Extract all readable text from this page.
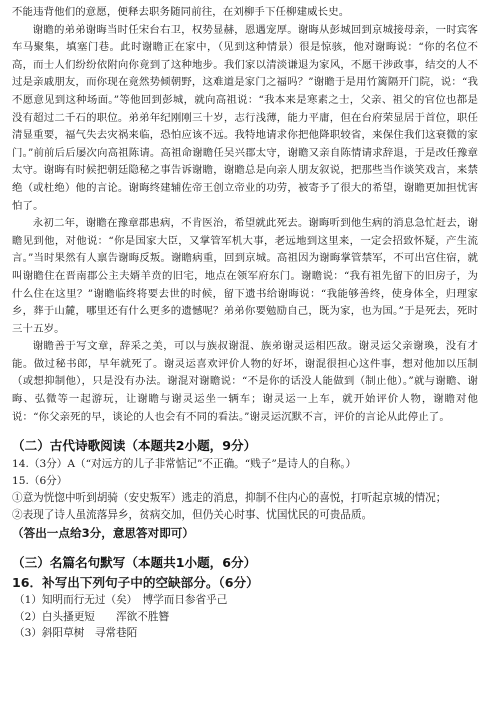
不能违背他们的意愿，便释去职务随同前往，在刘柳手下任柳建威长史。

谢瞻的弟弟谢晦当时任宋台右卫，权势显赫，恩遇宠厚。谢晦从彭城回到京城接母亲，一时宾客车马聚集，填塞门巷。此时谢瞻正在家中，（见到这种情景）很是惊骇，他对谢晦说：“你的名位不高，而士人们纷纷依附向你竟到了这种地步。我们家以清淡谦退为家风，不愿干涉政事，结交的人不过是亲戚朋友，而你现在竟然势倾朝野，这难道是家门之福吗？”谢瞻于是用竹篱隔开门院，说：“我不愿意见到这种场面。”等他回到彭城，就向高祖说：“我本来是寒素之士，父亲、祖父的官位也都是没有超过二千石的职位。弟弟年纪刚刚三十岁，志行浅薄，能力平庸，但在台府荣显居于首位，职任清显重要，福气失去灾祸来临，恐怕应该不远。我特地请求你把他降职较省，来保住我们这衰微的家门。”前前后后屡次向高祖陈请。高祖命谢瞻任吴兴郡太守，谢瞻又亲自陈情请求辞退，于是改任豫章太守。谢晦有时候把朝廷隐秘之事告诉谢瞻，谢瞻总是向亲人朋友叙说，把那些当作谈笑戏言，来禁绝（或杜绝）他的言论。谢晦终建辅佐帝王创立帝业的功劳，被寄予了很大的希望，谢瞻更加担忧害怕了。

永初二年，谢瞻在豫章郡患病，不肯医治，希望就此死去。谢晦听到他生病的消息急忙赶去，谢瞻见到他，对他说：“你是国家大臣，又掌管军机大事，老远地到这里来，一定会招致怀疑，产生流言。”当时果然有人禀告谢晦反叛。谢瞻病重，回到京城。高祖因为谢晦掌管禁军，不可出宫住宿，就叫谢瞻住在晋南郡公主夫婿羊贲的旧宅，地点在领军府东门。谢瞻说：“我有祖先留下的旧房子，为什么住在这里？”谢瞻临终将要去世的时候，留下遗书给谢晦说：“我能够善终，使身体全，归理家乡，葬于山麓，哪里还有什么更多的遗憾呢？弟弟你要勉励自己，既为家，也为国。”于是死去，死时三十五岁。

谢瞻善于写文章，辞采之美，可以与族叔谢混、族弟谢灵运相匹敌。谢灵运父亲谢瑍，没有才能。做过秘书郎，早年就死了。谢灵运喜欢评价人物的好坏，谢混很担心这件事，想对他加以压制（或想抑制他），只是没有办法。谢混对谢瞻说：“不是你的话没人能做到（制止他）。”就与谢瞻、谢晦、弘微等一起游玩，让谢瞻与谢灵运坐一辆车；谢灵运一上车，就开始评价人物，谢瞻对他说：“你父亲死的早，谈论的人也会有不同的看法。”谢灵运沉默不言，评价的言论从此停止了。

（二）古代诗歌阅读（本题共2小题，9分）

14.（3分）A（“对远方的儿子非常惦记”不正确。“贱子”是诗人的自称。）

15.（6分）

①意为恍惚中听到胡骑（安史叛军）逃走的消息，抑制不住内心的喜悦，打听起京城的情况；

②表现了诗人虽流落异乡，贫病交加，但仍关心时事、忧国忧民的可贵品质。

（答出一点给3分，意思答对即可）

（三）名篇名句默写（本题共1小题，6分）

16．补写出下列句子中的空缺部分。（6分）

（1）知明而行无过（矣）　博学而日参省乎己

（2）白头搔更短　　浑欲不胜簪

（3）斜阳草树　寻常巷陌
